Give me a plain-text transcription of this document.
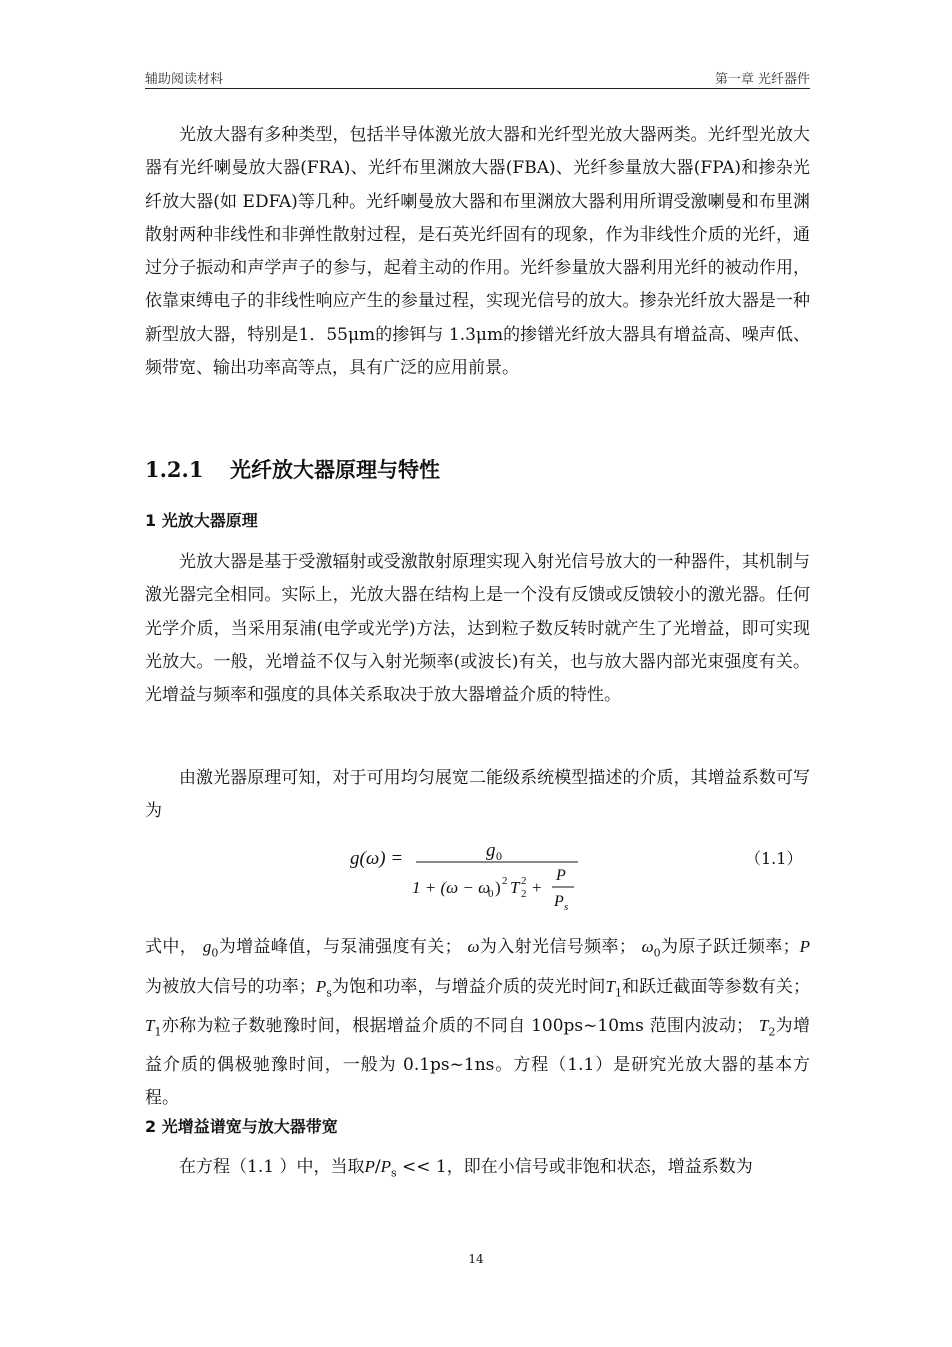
辅助阅读材料	第一章 光纤器件

光放大器有多种类型，包括半导体激光放大器和光纤型光放大器两类。光纤型光放大器有光纤喇曼放大器(FRA)、光纤布里渊放大器(FBA)、光纤参量放大器(FPA)和掺杂光纤放大器(如 EDFA)等几种。光纤喇曼放大器和布里渊放大器利用所谓受激喇曼和布里渊散射两种非线性和非弹性散射过程，是石英光纤固有的现象，作为非线性介质的光纤，通过分子振动和声学声子的参与，起着主动的作用。光纤参量放大器利用光纤的被动作用，依靠束缚电子的非线性响应产生的参量过程，实现光信号的放大。掺杂光纤放大器是一种新型放大器，特别是1．55μm的掺铒与 1.3μm的掺镨光纤放大器具有增益高、噪声低、频带宽、输出功率高等点，具有广泛的应用前景。

1.2.1 光纤放大器原理与特性
1 光放大器原理

光放大器是基于受激辐射或受激散射原理实现入射光信号放大的一种器件，其机制与激光器完全相同。实际上，光放大器在结构上是一个没有反馈或反馈较小的激光器。任何光学介质，当采用泵浦(电学或光学)方法，达到粒子数反转时就产生了光增益，即可实现光放大。一般，光增益不仅与入射光频率(或波长)有关，也与放大器内部光束强度有关。光增益与频率和强度的具体关系取决于放大器增益介质的特性。

由激光器原理可知，对于可用均匀展宽二能级系统模型描述的介质，其增益系数可写为

g(ω) =	g 0
1 + (ω − ω
0 ) 2 T 2
2 +
P
P s
（1.1）

式中， $g_0$为增益峰值，与泵浦强度有关； ω为入射光信号频率； $\omega_0$为原子跃迁频率；P为被放大信号的功率；$P_s$为饱和功率，与增益介质的荧光时间$T_1$和跃迁截面等参数有关；$T_1$亦称为粒子数驰豫时间，根据增益介质的不同自 100ps~10ms 范围内波动； $T_2$为增益介质的偶极驰豫时间，一般为 0.1ps~1ns。方程（1.1）是研究光放大器的基本方程。

2 光增益谱宽与放大器带宽

在方程（1.1 ）中，当取$P/P_s << 1$，即在小信号或非饱和状态，增益系数为

14
